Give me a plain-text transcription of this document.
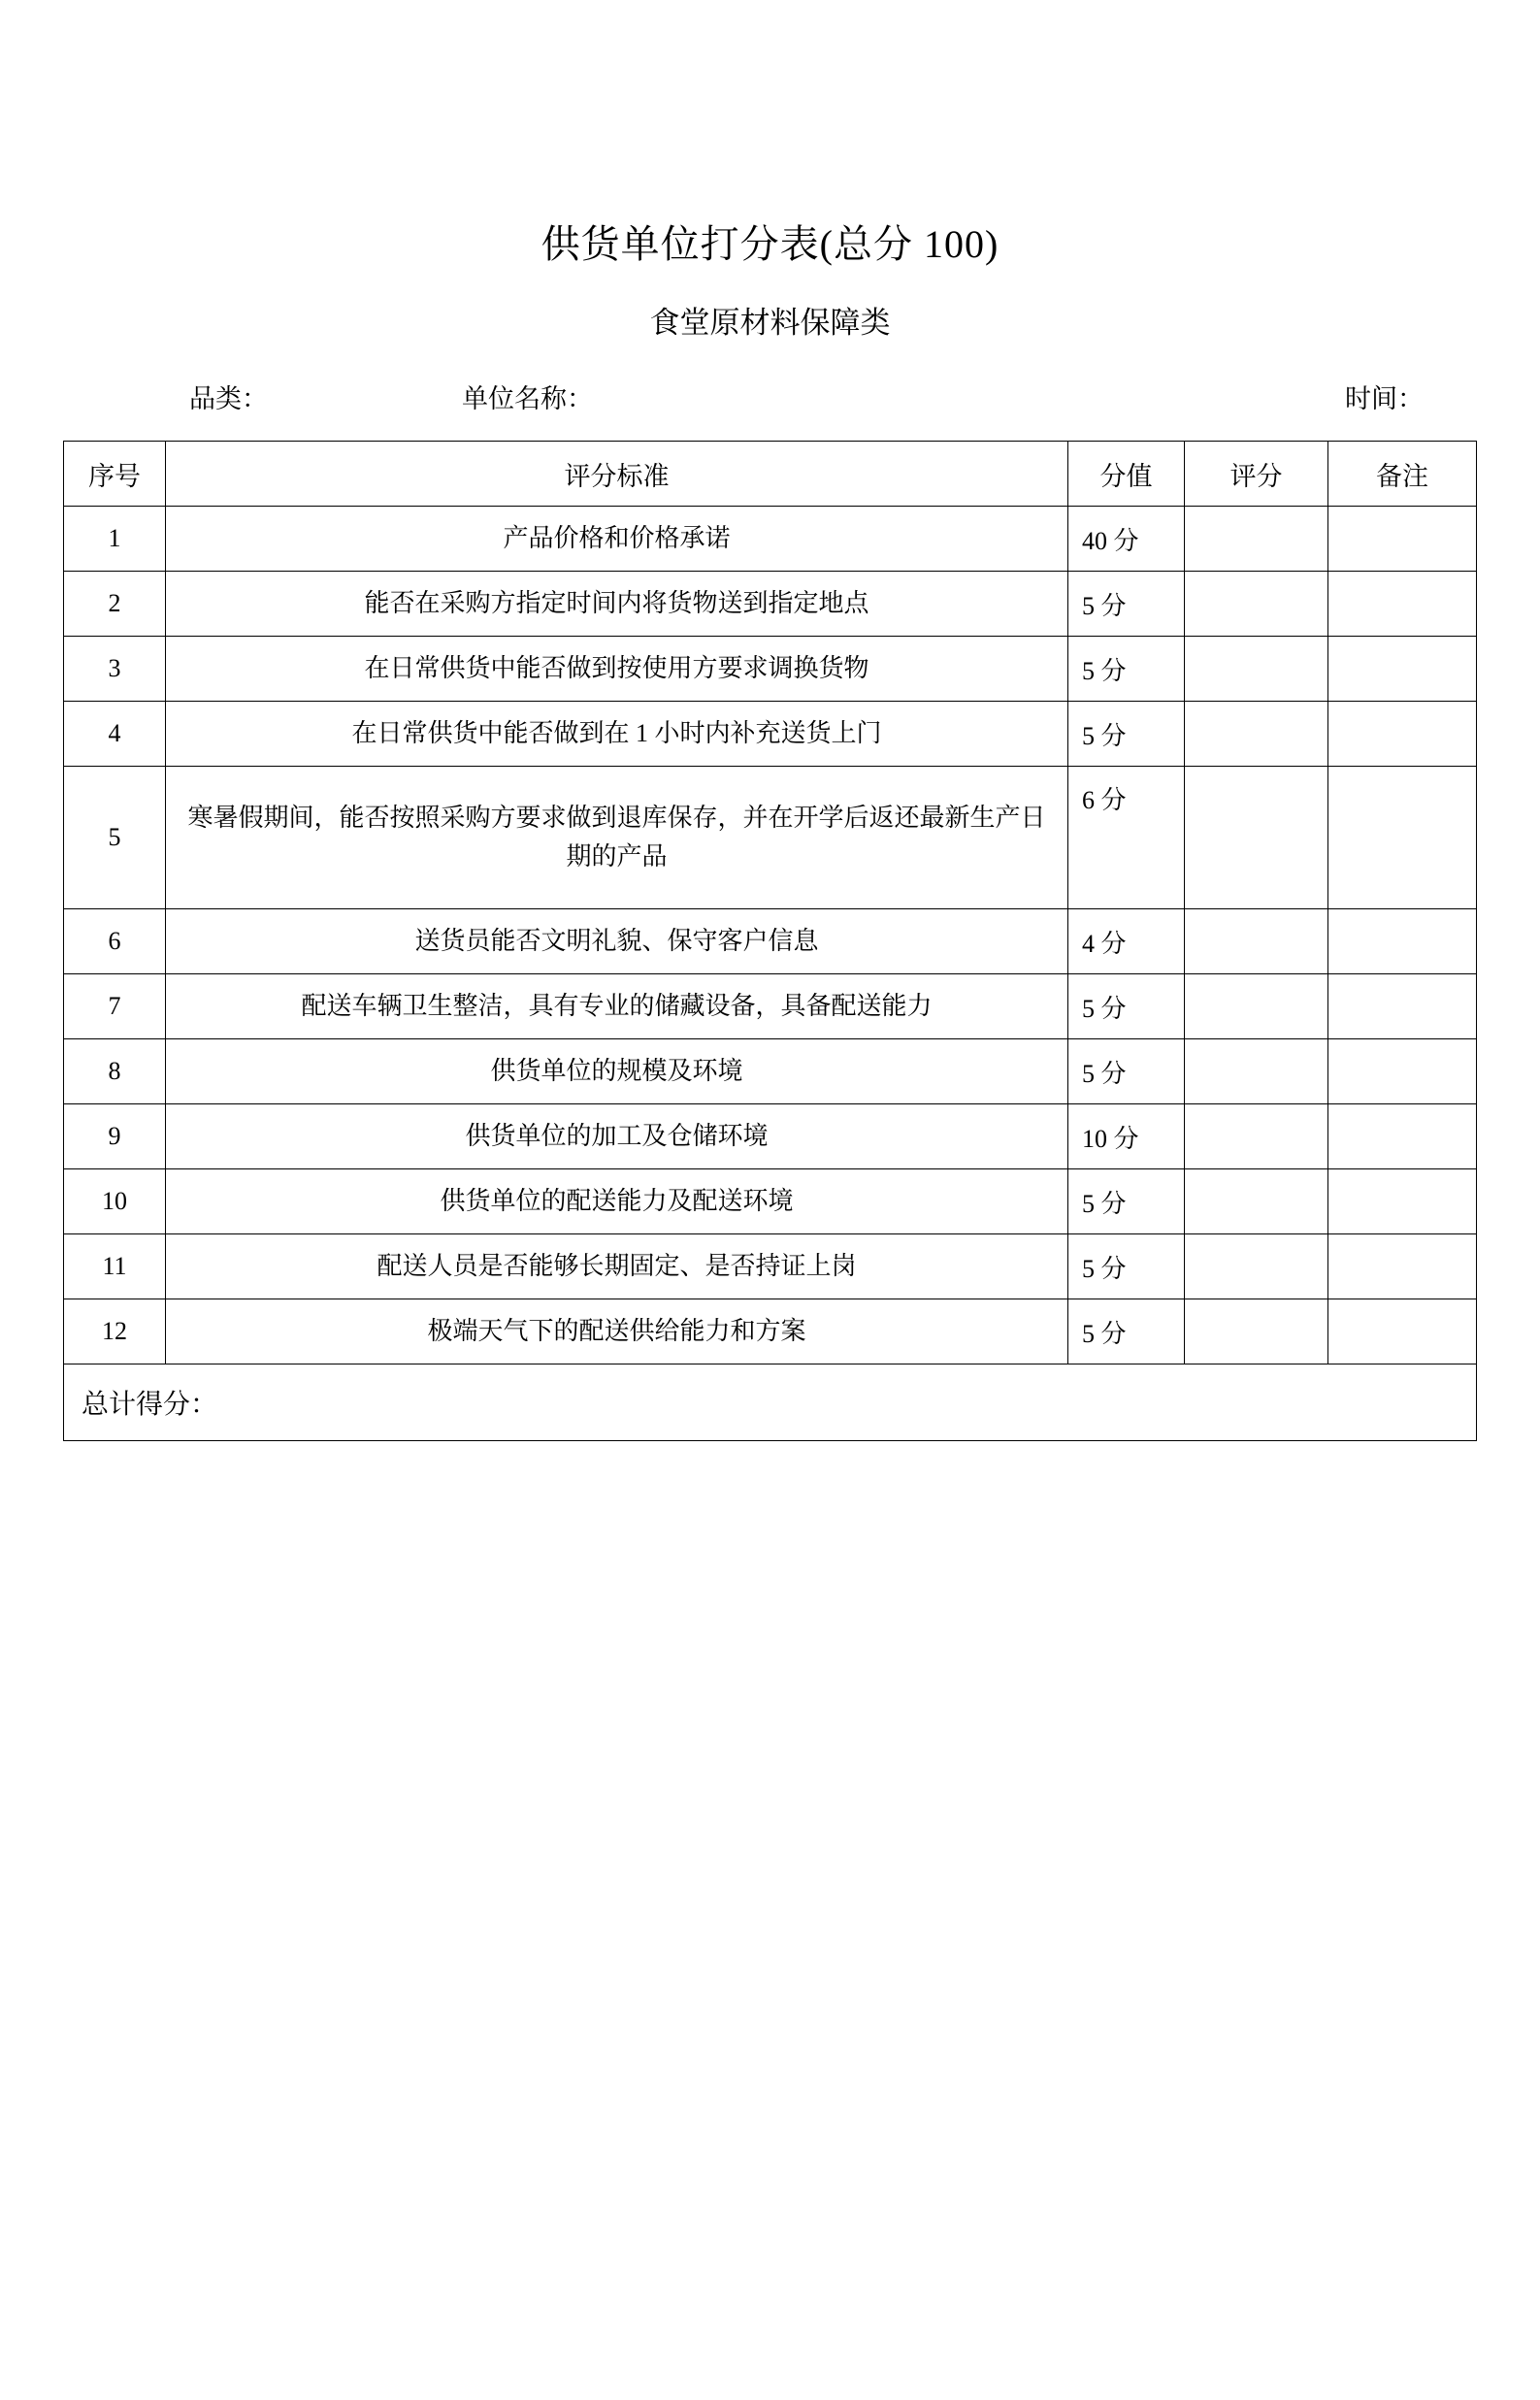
供货单位打分表(总分 100)
食堂原材料保障类
品类：	单位名称：	时间：
序号	评分标准	分值	评分	备注
1	产品价格和价格承诺	40 分		
2	能否在采购方指定时间内将货物送到指定地点	5 分		
3	在日常供货中能否做到按使用方要求调换货物	5 分		
4	在日常供货中能否做到在 1 小时内补充送货上门	5 分		
5	寒暑假期间，能否按照采购方要求做到退库保存，并在开学后返还最新生产日期的产品	6 分		
6	送货员能否文明礼貌、保守客户信息	4 分		
7	配送车辆卫生整洁，具有专业的储藏设备，具备配送能力	5 分		
8	供货单位的规模及环境	5 分		
9	供货单位的加工及仓储环境	10 分		
10	供货单位的配送能力及配送环境	5 分		
11	配送人员是否能够长期固定、是否持证上岗	5 分		
12	极端天气下的配送供给能力和方案	5 分		
总计得分：				
